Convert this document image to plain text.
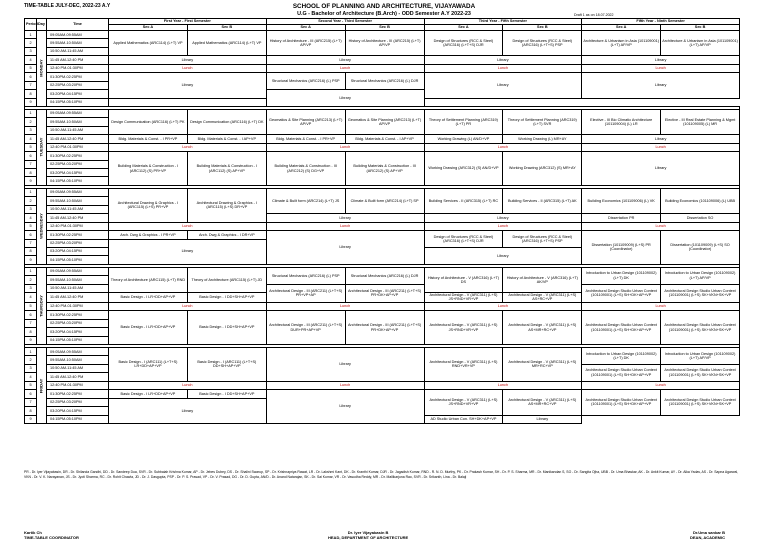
TIME-TABLE JULY-DEC, 2022-23 A.Y	SCHOOL OF PLANNING AND ARCHITECTURE, VIJAYAWADA
U.G - Bachelor of Architecture (B.Arch) - ODD Semester A.Y 2022-23	Draft 1 as on 18.07.2022
Period	Day	Time	First Year - First Semester		Second Year - Third Semester		Third Year - Fifth Semester		Fifth Year - Ninth Semester	
			Sec A	Sec B	Sec A	Sec B	Sec A	Sec B	Sec A	Sec B
1	MONDAY	09:05AM-09:55AM	Applied Mathematics (ARC114) (L+T) VP	Applied Mathematics (ARC114) (L+T) VP	History of Architecture - III (ARC215) (L+T) AP/VP	History of Architecture - III (ARC215) (L+T) AP/VP	Design of Structures (RCC & Steel) (ARC316) (L+T+S) DJR	Design of Structures (RCC & Steel) (ARC316) (L+T+S) PSP	Architecture & Urbanism in Asia (101109001) (L+T) AP/VP	Architecture & Urbanism in Asia (101109001) (L+T) AP/VP
2		09:55AM-10:50AM								
3		10:50 AM-11:45 AM								
4		11:45 AM-12:40 PM	Library		Library		Library		Library	
5		12:40 PM-01:30PM	Lunch		Lunch		Lunch		Lunch	
6		01:30PM-02:25PM	Library		Structural Mechanics (ARC216) (L) PSP	Structural Mechanics (ARC216) (L) DJR	Library		Library	
7		02:25PM-03:20PM								
8		03:20PM-04:15PM			Library					
9		04:15PM-05:10PM								

1	TUESDAY	09:05AM-09:55AM	Design Communication (ARC116) (L+T) PK	Design Communication (ARC116) (L+T) DK	Geomatics & Site Planning (ARC213) (L+T) AP/VP	Geomatics & Site Planning (ARC213) (L+T) AP/VP	Theory of Settlement Planning (ARC319) (L+T) PR	Theory of Settlement Planning (ARC319) (L+T) SVR	Elective - III Bio Climatic Architecture (101109004) (L) LR	Elective - III Real Estate Planning & Mgmt (101109005) (L) MR
2		09:55AM-10:50AM								
3		10:50 AM-11:45 AM								
4		11:45 AM-12:40 PM	Bldg. Materials & Const. - I PR+VP	Bldg. Materials & Const. - I AP+VP	Bldg. Materials & Const. - I PR+VP	Bldg. Materials & Const. - I AP+VP	Working Drawing (L) AN/D+VP	Working Drawing (L) MR+AY	Library	
5		12:40 PM-01:30PM	Lunch		Lunch		Lunch		Lunch	
6		01:30PM-02:25PM	Building Materials & Construction - I (ARC112) (S) PR+VP	Building Materials & Construction - I (ARC112) (S) AP+VP	Building Materials & Construction - III (ARC212) (S) DG+VP	Building Materials & Construction - III (ARC212) (S) AP+VP	Working Drawing (ARC312) (S) AN/D+VP	Working Drawing (ARC312) (S) MR+AY	Library	
7		02:25PM-03:20PM								
8		03:20PM-04:15PM								
9		04:15PM-05:10PM								

1	WEDNESDAY	09:05AM-09:55AM	Architectural Drawing & Graphics - I (ARC115) (L+S) PR+VP	Architectural Drawing & Graphics - I (ARC115) (L+S) DR+VP	Climate & Built form (ARC214) (L+T) JS	Climate & Built form (ARC214) (L+T) SP	Building Services - II (ARC315) (L+T) RC	Building Services - II (ARC315) (L+T) AK	Building Economics (101109006) (L) VK	Building Economics (101109006) (L) UBB
2		09:55AM-10:50AM								
3		10:50 AM-11:45 AM								
4		11:45 AM-12:40 PM			Library		Library		Dissertation PR	Dissertation SO
5		12:40 PM-01:30PM	Lunch		Lunch		Lunch		Lunch	
6		01:30PM-02:25PM	Arch. Dwg & Graphics - I PR+VP	Arch. Dwg & Graphics - I DR+VP	Library		Design of Structures (RCC & Steel) (ARC316) (L+T+S) DJR	Design of Structures (RCC & Steel) (ARC316) (L+T+S) PSP	Dissertation (101109009) (L+S) PR (Coordinator)	Dissertation (101109009) (L+S) SO (Coordinator)
7		02:25PM-03:20PM	Library							
8		03:20PM-04:15PM					Library			
9		04:15PM-05:10PM								

1	THURSDAY	09:05AM-09:55AM	Theory of Architecture (ARC115) (L+T) RND	Theory of Architecture (ARC115) (L+T) JD	Structural Mechanics (ARC216) (L) PSP	Structural Mechanics (ARC216) (L) DJR	History of Architecture - V (ARC316) (L+T) DS	History of Architecture - V (ARC316) (L+T) AK/VP	Introduction to Urban Design (101109002) (L+T) DK	Introduction to Urban Design (101109002) (L+T) AP/VP
2		09:55AM-10:50AM								
3		10:50 AM-11:45 AM			Architectural Design - III (ARC211) (L+T+S) PR+VP+AP	Architectural Design - III (ARC211) (L+T+S) PR+DK+AP+VP			Architectural Design Studio Urban Context (101109001) (L+S) SH+DK+AP+VP	Architectural Design Studio Urban Context (101109001) (L+S) SK+VKN+SK+VP
4		11:45 AM-12:40 PM	Basic Design - I LR+DD+AP+VP	Basic Design - I DD+SH+AP+VP			Architectural Design - V (ARC311) (L+S) JS+RND+VR+VP	Architectural Design - V (ARC311) (L+S) AS+RC+VP		
5		12:40 PM-01:30PM	Lunch		Lunch		Lunch		Lunch	
6		01:30PM-02:25PM	Basic Design - I LR+DD+AP+VP	Basic Design - I DD+SH+AP+VP	Architectural Design - III (ARC211) (L+T+S) DUR+PR+AP+VP	Architectural Design - III (ARC211) (L+T+S) PR+DK+AP+VP	Architectural Design - V (ARC311) (L+S) JS+RND+VR+VP	Architectural Design - V (ARC311) (L+S) AS+MR+RC+VP	Architectural Design Studio Urban Context (101109001) (L+S) SH+DK+AP+VP	Architectural Design Studio Urban Context (101109001) (L+S) SK+VKN+SK+VP
7		02:25PM-03:20PM								
8		03:20PM-04:15PM								
9		04:15PM-05:10PM								

1	FRIDAY	09:05AM-09:55AM	Basic Design - I (ARC111) (L+T+S) LR+DD+AP+VP	Basic Design - I (ARC111) (L+T+S) DD+SH+AP+VP	Library		Architectural Design - V (ARC311) (L+S) RND+VR+VP	Architectural Design - V (ARC311) (L+S) MR+RC+VP	Introduction to Urban Design (101109002) (L+T) DK	Introduction to Urban Design (101109002) (L+T) AP/VP
2		09:55AM-10:50AM								
3		10:50 AM-11:45 AM							Architectural Design Studio Urban Context (101109001) (L+S) SH+DK+AP+VP	Architectural Design Studio Urban Context (101109001) (L+S) SK+VKN+SK+VP
4		11:45 AM-12:40 PM								
5		12:40 PM-01:30PM	Lunch		Lunch		Lunch		Lunch	
6		01:30PM-02:25PM	Basic Design - I LR+DD+AP+VP	Basic Design - I DD+SH+AP+VP	Library		Architectural Design - V (ARC311) (L+S) JS+RND+VR+VP	Architectural Design - V (ARC311) (L+S) AS+MR+RC+VP	Architectural Design Studio Urban Context (101109001) (L+S) SH+DK+AP+VP	Architectural Design Studio Urban Context (101109001) (L+S) SK+VKN+SK+VP
7		02:25PM-03:20PM	Library							
8		03:20PM-04:15PM								
9		04:15PM-05:10PM					AD Studio Urban Con. SH+DK+AP+VP	Library		
PR - Dr. Iyer Vijayabasin, DR - Dr. Shilanda Gandhi, DD - Dr. Sandeep Dua, SVR - Dr. Subbaiah Krishna Kumar, AP - Dr. Jebes Dubey, DS - Dr. Shalini Swarup, SP - Dr. Krishnapriya Rawat, LR - Dr. Lakshmi Kant, DK - Dr. Kranthi Kumar, DJR - Dr. Jagadish Kumar, RND - R. N. D. Murthy, PK - Dr. Prakash Kumar, SH - Dr. P. S. Sharma, MR - Dr. Manikandan S, SO - Dr. Sangita Ojha, UBB - Dr. Uma Bhaskar, AK - Dr. Ankit Kumar, AY - Dr. Alka Yadav, AS - Dr. Sapna Agarwal, VKN - Dr. V. K. Narayanan, JS - Dr. Jyoti Sharma, RC - Dr. Rohit Chawla, JD - Dr. J. Dasgupta, PSP - Dr. P. S. Prasad, VP - Dr. V. Prasad, DG - Dr. D. Gupta, AN/D - Dr. Anand Natarajan, SK - Dr. Sai Kumar, VR - Dr. Vasudha Reddy, MR - Dr. Mallikarjuna Rao, SVR - Dr. Srikanth, Lina - Dr. Balaji
Kartik Ch
TIME-TABLE COORDINATOR
Dr. Iyer Vijayabasin B
HEAD, DEPARTMENT OF ARCHITECTURE
Dr.Uma sankar B
DEAN, ACADEMIC
